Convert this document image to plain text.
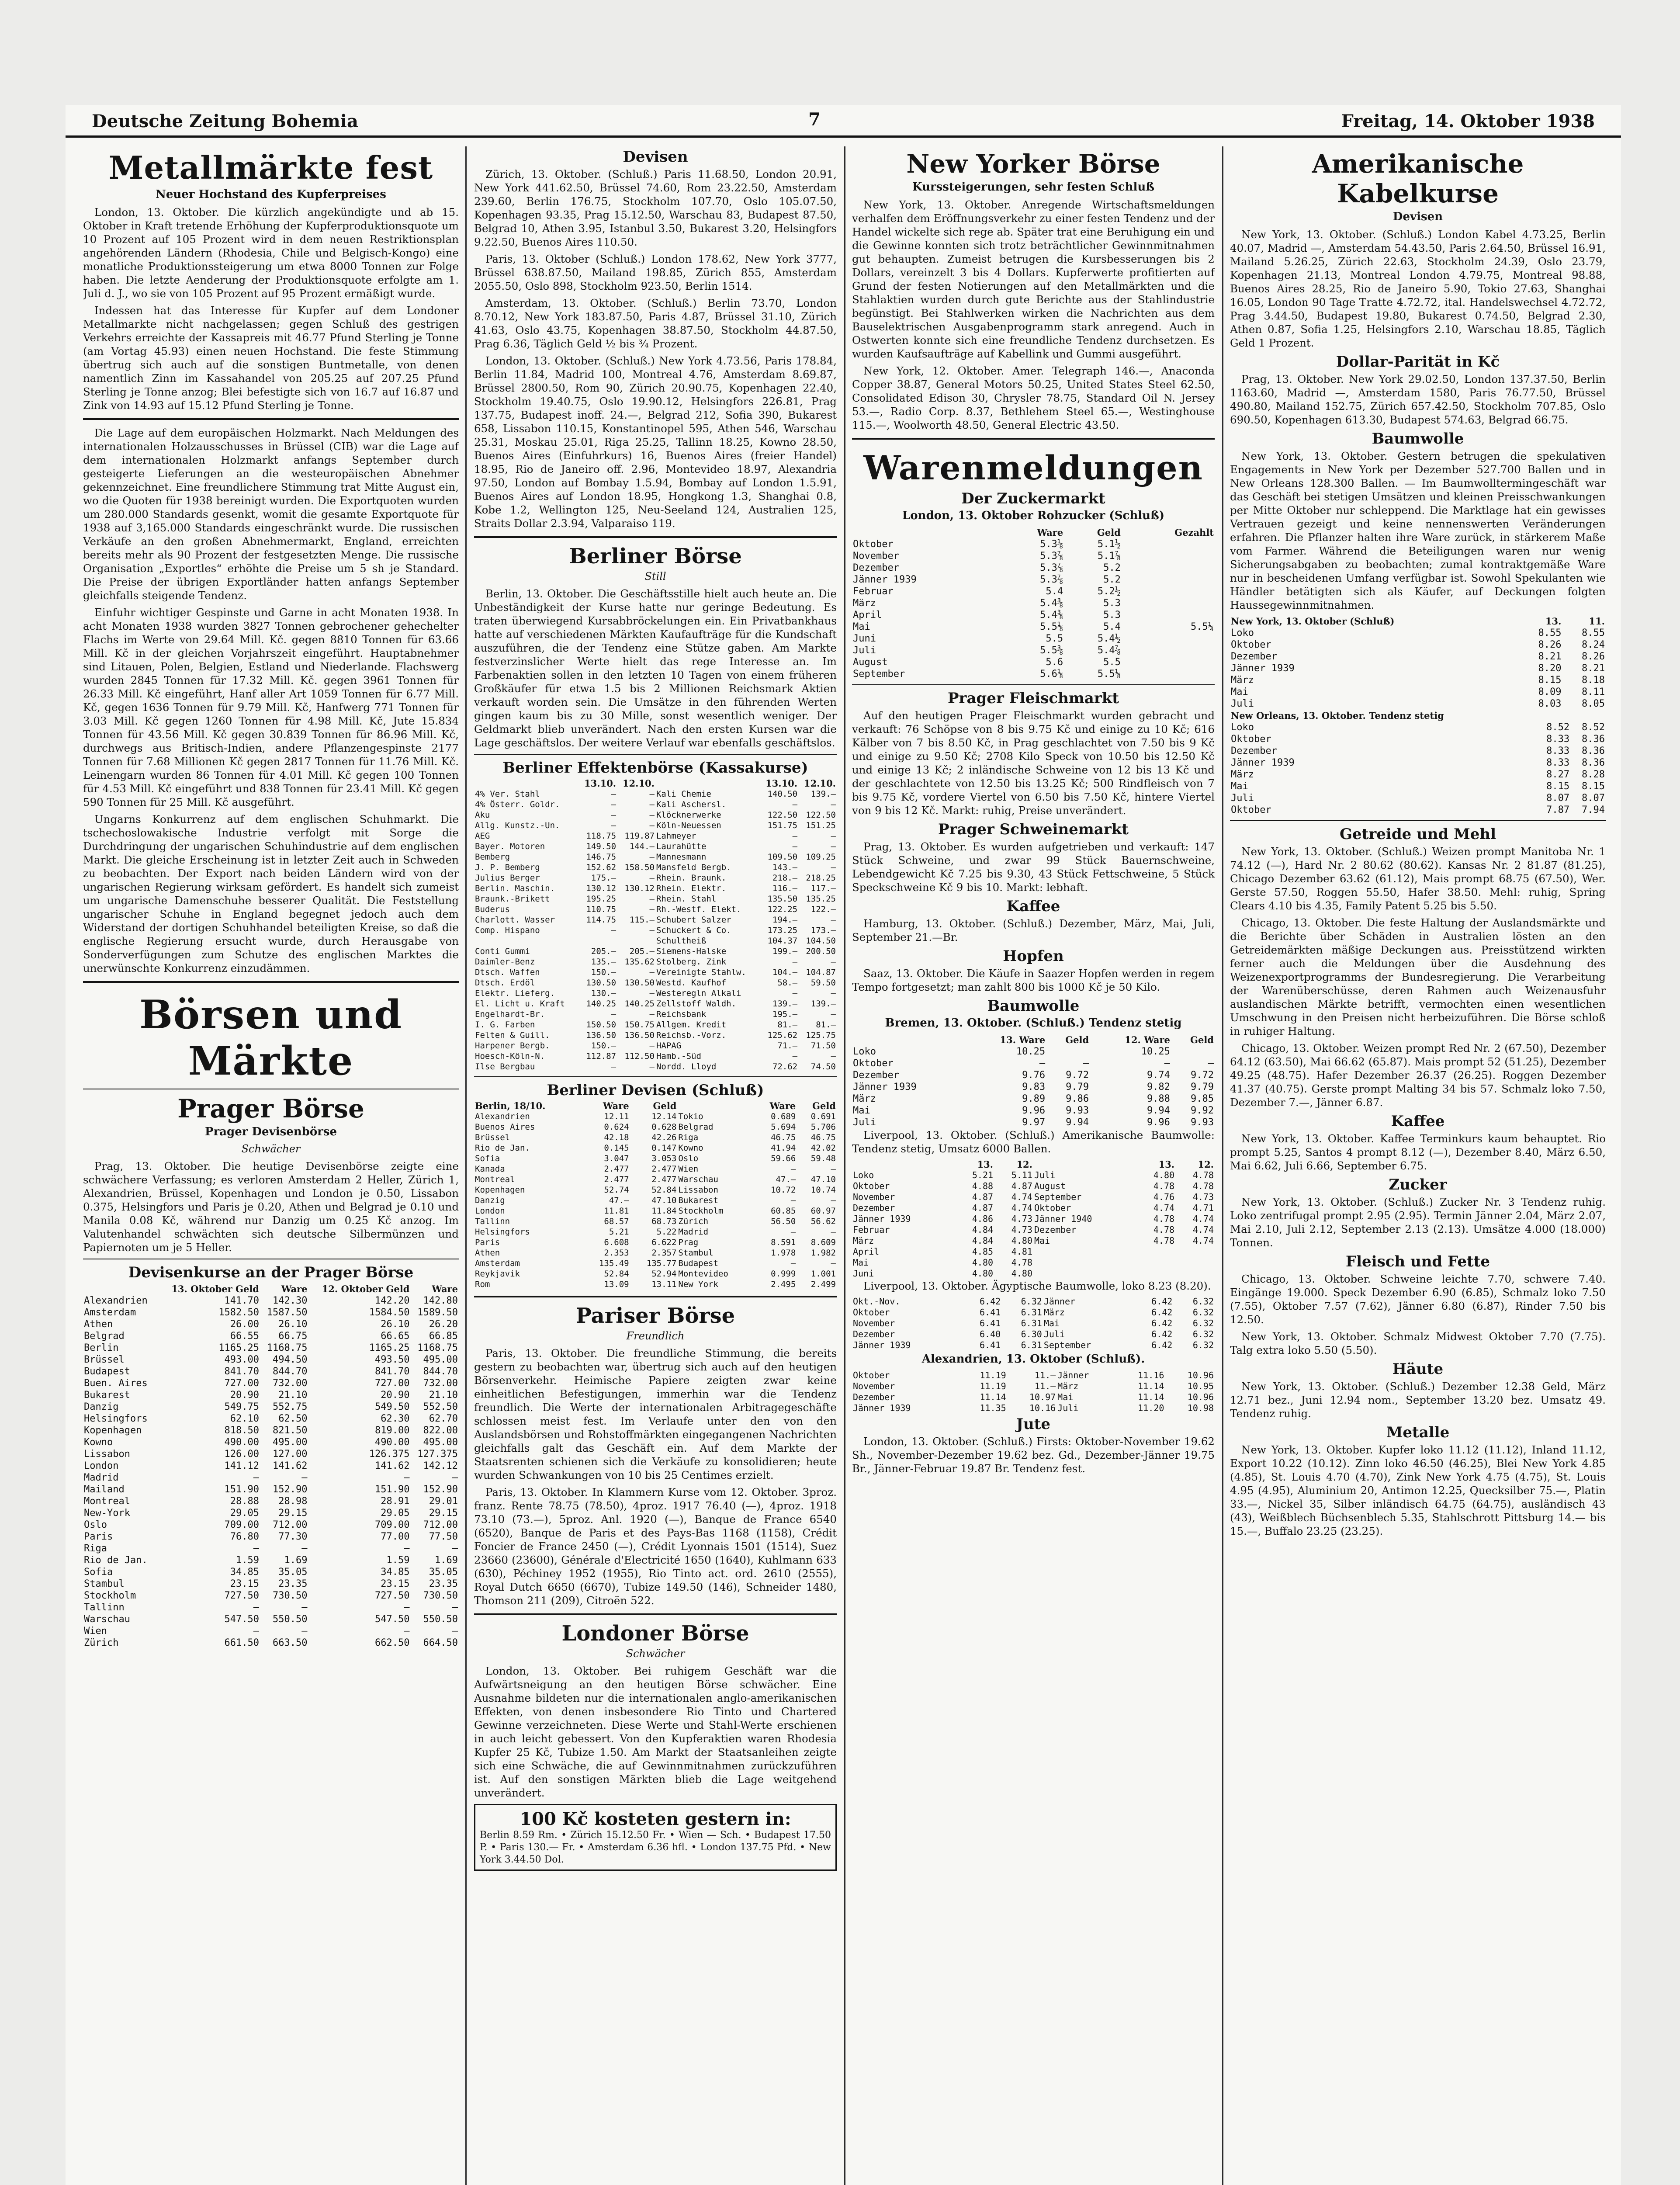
Deutsche Zeitung Bohemia	7	Freitag, 14. Oktober 1938
Metallmärkte fest
Neuer Hochstand des Kupferpreises

London, 13. Oktober. Die kürzlich angekündigte und ab 15. Oktober in Kraft tretende Erhöhung der Kupferproduktionsquote um 10 Prozent auf 105 Prozent wird in dem neuen Restriktionsplan angehörenden Ländern (Rhodesia, Chile und Belgisch-Kongo) eine monatliche Produktionssteigerung um etwa 8000 Tonnen zur Folge haben. Die letzte Aenderung der Produktionsquote erfolgte am 1. Juli d. J., wo sie von 105 Prozent auf 95 Prozent ermäßigt wurde.

Indessen hat das Interesse für Kupfer auf dem Londoner Metallmarkte nicht nachgelassen; gegen Schluß des gestrigen Verkehrs erreichte der Kassapreis mit 46.77 Pfund Sterling je Tonne (am Vortag 45.93) einen neuen Hochstand. Die feste Stimmung übertrug sich auch auf die sonstigen Buntmetalle, von denen namentlich Zinn im Kassahandel von 205.25 auf 207.25 Pfund Sterling je Tonne anzog; Blei befestigte sich von 16.7 auf 16.87 und Zink von 14.93 auf 15.12 Pfund Sterling je Tonne.

Die Lage auf dem europäischen Holzmarkt. Nach Meldungen des internationalen Holzausschusses in Brüssel (CIB) war die Lage auf dem internationalen Holzmarkt anfangs September durch gesteigerte Lieferungen an die westeuropäischen Abnehmer gekennzeichnet. Eine freundlichere Stimmung trat Mitte August ein, wo die Quoten für 1938 bereinigt wurden. Die Exportquoten wurden um 280.000 Standards gesenkt, womit die gesamte Exportquote für 1938 auf 3,165.000 Standards eingeschränkt wurde. Die russischen Verkäufe an den großen Abnehmermarkt, England, erreichten bereits mehr als 90 Prozent der festgesetzten Menge. Die russische Organisation „Exportles“ erhöhte die Preise um 5 sh je Standard. Die Preise der übrigen Exportländer hatten anfangs September gleichfalls steigende Tendenz.

Einfuhr wichtiger Gespinste und Garne in acht Monaten 1938. In acht Monaten 1938 wurden 3827 Tonnen gebrochener gehechelter Flachs im Werte von 29.64 Mill. Kč. gegen 8810 Tonnen für 63.66 Mill. Kč in der gleichen Vorjahrszeit eingeführt. Hauptabnehmer sind Litauen, Polen, Belgien, Estland und Niederlande. Flachswerg wurden 2845 Tonnen für 17.32 Mill. Kč. gegen 3961 Tonnen für 26.33 Mill. Kč eingeführt, Hanf aller Art 1059 Tonnen für 6.77 Mill. Kč, gegen 1636 Tonnen für 9.79 Mill. Kč, Hanfwerg 771 Tonnen für 3.03 Mill. Kč gegen 1260 Tonnen für 4.98 Mill. Kč, Jute 15.834 Tonnen für 43.56 Mill. Kč gegen 30.839 Tonnen für 86.96 Mill. Kč, durchwegs aus Britisch-Indien, andere Pflanzengespinste 2177 Tonnen für 7.68 Millionen Kč gegen 2817 Tonnen für 11.76 Mill. Kč. Leinengarn wurden 86 Tonnen für 4.01 Mill. Kč gegen 100 Tonnen für 4.53 Mill. Kč eingeführt und 838 Tonnen für 23.41 Mill. Kč gegen 590 Tonnen für 25 Mill. Kč ausgeführt.

Ungarns Konkurrenz auf dem englischen Schuhmarkt. Die tschechoslowakische Industrie verfolgt mit Sorge die Durchdringung der ungarischen Schuhindustrie auf dem englischen Markt. Die gleiche Erscheinung ist in letzter Zeit auch in Schweden zu beobachten. Der Export nach beiden Ländern wird von der ungarischen Regierung wirksam gefördert. Es handelt sich zumeist um ungarische Damenschuhe besserer Qualität. Die Feststellung ungarischer Schuhe in England begegnet jedoch auch dem Widerstand der dortigen Schuhhandel beteiligten Kreise, so daß die englische Regierung ersucht wurde, durch Herausgabe von Sonderverfügungen zum Schutze des englischen Marktes die unerwünschte Konkurrenz einzudämmen.

Börsen und Märkte
Prager Börse
Prager Devisenbörse
Schwächer

Prag, 13. Oktober. Die heutige Devisenbörse zeigte eine schwächere Verfassung; es verloren Amsterdam 2 Heller, Zürich 1, Alexandrien, Brüssel, Kopenhagen und London je 0.50, Lissabon 0.375, Helsingfors und Paris je 0.20, Athen und Belgrad je 0.10 und Manila 0.08 Kč, während nur Danzig um 0.25 Kč anzog. Im Valutenhandel schwächten sich deutsche Silbermünzen und Papiernoten um je 5 Heller.

Devisenkurse an der Prager Börse
	13. Oktober Geld	Ware	12. Oktober Geld	Ware
Alexandrien	141.70	142.30	142.20	142.80
Amsterdam	1582.50	1587.50	1584.50	1589.50
Athen	26.00	26.10	26.10	26.20
Belgrad	66.55	66.75	66.65	66.85
Berlin	1165.25	1168.75	1165.25	1168.75
Brüssel	493.00	494.50	493.50	495.00
Budapest	841.70	844.70	841.70	844.70
Buen. Aires	727.00	732.00	727.00	732.00
Bukarest	20.90	21.10	20.90	21.10
Danzig	549.75	552.75	549.50	552.50
Helsingfors	62.10	62.50	62.30	62.70
Kopenhagen	818.50	821.50	819.00	822.00
Kowno	490.00	495.00	490.00	495.00
Lissabon	126.00	127.00	126.375	127.375
London	141.12	141.62	141.62	142.12
Madrid	—	—	—	—
Mailand	151.90	152.90	151.90	152.90
Montreal	28.88	28.98	28.91	29.01
New-York	29.05	29.15	29.05	29.15
Oslo	709.00	712.00	709.00	712.00
Paris	76.80	77.30	77.00	77.50
Riga	—	—	—	—
Rio de Jan.	1.59	1.69	1.59	1.69
Sofia	34.85	35.05	34.85	35.05
Stambul	23.15	23.35	23.15	23.35
Stockholm	727.50	730.50	727.50	730.50
Tallinn	—	—	—	—
Warschau	547.50	550.50	547.50	550.50
Wien	—	—	—	—
Zürich	661.50	663.50	662.50	664.50
Devisen

Zürich, 13. Oktober. (Schluß.) Paris 11.68.50, London 20.91, New York 441.62.50, Brüssel 74.60, Rom 23.22.50, Amsterdam 239.60, Berlin 176.75, Stockholm 107.70, Oslo 105.07.50, Kopenhagen 93.35, Prag 15.12.50, Warschau 83, Budapest 87.50, Belgrad 10, Athen 3.95, Istanbul 3.50, Bukarest 3.20, Helsingfors 9.22.50, Buenos Aires 110.50.

Paris, 13. Oktober (Schluß.) London 178.62, New York 3777, Brüssel 638.87.50, Mailand 198.85, Zürich 855, Amsterdam 2055.50, Oslo 898, Stockholm 923.50, Berlin 1514.

Amsterdam, 13. Oktober. (Schluß.) Berlin 73.70, London 8.70.12, New York 183.87.50, Paris 4.87, Brüssel 31.10, Zürich 41.63, Oslo 43.75, Kopenhagen 38.87.50, Stockholm 44.87.50, Prag 6.36, Täglich Geld ½ bis ¾ Prozent.

London, 13. Oktober. (Schluß.) New York 4.73.56, Paris 178.84, Berlin 11.84, Madrid 100, Montreal 4.76, Amsterdam 8.69.87, Brüssel 2800.50, Rom 90, Zürich 20.90.75, Kopenhagen 22.40, Stockholm 19.40.75, Oslo 19.90.12, Helsingfors 226.81, Prag 137.75, Budapest inoff. 24.—, Belgrad 212, Sofia 390, Bukarest 658, Lissabon 110.15, Konstantinopel 595, Athen 546, Warschau 25.31, Moskau 25.01, Riga 25.25, Tallinn 18.25, Kowno 28.50, Buenos Aires (Einfuhrkurs) 16, Buenos Aires (freier Handel) 18.95, Rio de Janeiro off. 2.96, Montevideo 18.97, Alexandria 97.50, London auf Bombay 1.5.94, Bombay auf London 1.5.91, Buenos Aires auf London 18.95, Hongkong 1.3, Shanghai 0.8, Kobe 1.2, Wellington 125, Neu-Seeland 124, Australien 125, Straits Dollar 2.3.94, Valparaiso 119.

Berliner Börse
Still

Berlin, 13. Oktober. Die Geschäftsstille hielt auch heute an. Die Unbeständigkeit der Kurse hatte nur geringe Bedeutung. Es traten überwiegend Kursabbröckelungen ein. Ein Privatbankhaus hatte auf verschiedenen Märkten Kaufaufträge für die Kundschaft auszuführen, die der Tendenz eine Stütze gaben. Am Markte festverzinslicher Werte hielt das rege Interesse an. Im Farbenaktien sollen in den letzten 10 Tagen von einem früheren Großkäufer für etwa 1.5 bis 2 Millionen Reichsmark Aktien verkauft worden sein. Die Umsätze in den führenden Werten gingen kaum bis zu 30 Mille, sonst wesentlich weniger. Der Geldmarkt blieb unverändert. Nach den ersten Kursen war die Lage geschäftslos. Der weitere Verlauf war ebenfalls geschäftslos.

Berliner Effektenbörse (Kassakurse)
	13.10.	12.10.		13.10.	12.10.
4% Ver. Stahl	—	—	Kali Chemie	140.50	139.—
4% Österr. Goldr.	—	—	Kali Aschersl.	—	—
Aku	—	—	Klöcknerwerke	122.50	122.50
Allg. Kunstz.-Un.	—	—	Köln-Neuessen	151.75	151.25
AEG	118.75	119.87	Lahmeyer	—	—
Bayer. Motoren	149.50	144.—	Laurahütte	—	—
Bemberg	146.75	—	Mannesmann	109.50	109.25
J. P. Bemberg	152.62	158.50	Mansfeld Bergb.	143.—	—
Julius Berger	175.—	—	Rhein. Braunk.	218.—	218.25
Berlin. Maschin.	130.12	130.12	Rhein. Elektr.	116.—	117.—
Braunk.-Brikett	195.25	—	Rhein. Stahl	135.50	135.25
Buderus	110.75	—	Rh.-Westf. Elekt.	122.25	122.—
Charlott. Wasser	114.75	115.—	Schubert Salzer	194.—	—
Comp. Hispano	—	—	Schuckert & Co.	173.25	173.—
			Schultheiß	104.37	104.50
Conti Gummi	205.—	205.—	Siemens-Halske	199.—	200.50
Daimler-Benz	135.—	135.62	Stolberg. Zink	—	—
Dtsch. Waffen	150.—	—	Vereinigte Stahlw.	104.—	104.87
Dtsch. Erdöl	130.50	130.50	Westd. Kaufhof	58.—	59.50
Elektr. Lieferg.	130.—	—	Westeregln Alkali	—	—
El. Licht u. Kraft	140.25	140.25	Zellstoff Waldh.	139.—	139.—
Engelhardt-Br.	—	—	Reichsbank	195.—	—
I. G. Farben	150.50	150.75	Allgem. Kredit	81.—	81.—
Felten & Guill.	136.50	136.50	Reichsb.-Vorz.	125.62	125.75
Harpener Bergb.	150.—	—	HAPAG	71.—	71.50
Hoesch-Köln-N.	112.87	112.50	Hamb.-Süd	—	—
Ilse Bergbau	—	—	Nordd. Lloyd	72.62	74.50
Berliner Devisen (Schluß)
Berlin, 18/10.	Ware	Geld		Ware	Geld
Alexandrien	12.11	12.14	Tokio	0.689	0.691
Buenos Aires	0.624	0.628	Belgrad	5.694	5.706
Brüssel	42.18	42.26	Riga	46.75	46.75
Rio de Jan.	0.145	0.147	Kowno	41.94	42.02
Sofia	3.047	3.053	Oslo	59.66	59.48
Kanada	2.477	2.477	Wien	—	—
Montreal	2.477	2.477	Warschau	47.—	47.10
Kopenhagen	52.74	52.84	Lissabon	10.72	10.74
Danzig	47.—	47.10	Bukarest	—	—
London	11.81	11.84	Stockholm	60.85	60.97
Tallinn	68.57	68.73	Zürich	56.50	56.62
Helsingfors	5.21	5.22	Madrid	—	—
Paris	6.608	6.622	Prag	8.591	8.609
Athen	2.353	2.357	Stambul	1.978	1.982
Amsterdam	135.49	135.77	Budapest	—	—
Reykjavik	52.84	52.94	Montevideo	0.999	1.001
Rom	13.09	13.11	New York	2.495	2.499
Pariser Börse
Freundlich

Paris, 13. Oktober. Die freundliche Stimmung, die bereits gestern zu beobachten war, übertrug sich auch auf den heutigen Börsenverkehr. Heimische Papiere zeigten zwar keine einheitlichen Befestigungen, immerhin war die Tendenz freundlich. Die Werte der internationalen Arbitragegeschäfte schlossen meist fest. Im Verlaufe unter den von den Auslandsbörsen und Rohstoffmärkten eingegangenen Nachrichten gleichfalls galt das Geschäft ein. Auf dem Markte der Staatsrenten schienen sich die Verkäufe zu konsolidieren; heute wurden Schwankungen von 10 bis 25 Centimes erzielt.

Paris, 13. Oktober. In Klammern Kurse vom 12. Oktober. 3proz. franz. Rente 78.75 (78.50), 4proz. 1917 76.40 (—), 4proz. 1918 73.10 (73.—), 5proz. Anl. 1920 (—), Banque de France 6540 (6520), Banque de Paris et des Pays-Bas 1168 (1158), Crédit Foncier de France 2450 (—), Crédit Lyonnais 1501 (1514), Suez 23660 (23600), Générale d'Electricité 1650 (1640), Kuhlmann 633 (630), Péchiney 1952 (1955), Rio Tinto act. ord. 2610 (2555), Royal Dutch 6650 (6670), Tubize 149.50 (146), Schneider 1480, Thomson 211 (209), Citroën 522.

Londoner Börse
Schwächer

London, 13. Oktober. Bei ruhigem Geschäft war die Aufwärtsneigung an den heutigen Börse schwächer. Eine Ausnahme bildeten nur die internationalen anglo-amerikanischen Effekten, von denen insbesondere Rio Tinto und Chartered Gewinne verzeichneten. Diese Werte und Stahl-Werte erschienen in auch leicht gebessert. Von den Kupferaktien waren Rhodesia Kupfer 25 Kč, Tubize 1.50. Am Markt der Staatsanleihen zeigte sich eine Schwäche, die auf Gewinnmitnahmen zurückzuführen ist. Auf den sonstigen Märkten blieb die Lage weitgehend unverändert.

100 Kč kosteten gestern in:
Berlin 8.59 Rm. • Zürich 15.12.50 Fr. • Wien — Sch. • Budapest 17.50 P. • Paris 130.— Fr. • Amsterdam 6.36 hfl. • London 137.75 Pfd. • New York 3.44.50 Dol.
New Yorker Börse
Kurssteigerungen, sehr festen Schluß

New York, 13. Oktober. Anregende Wirtschaftsmeldungen verhalfen dem Eröffnungsverkehr zu einer festen Tendenz und der Handel wickelte sich rege ab. Später trat eine Beruhigung ein und die Gewinne konnten sich trotz beträchtlicher Gewinnmitnahmen gut behaupten. Zumeist betrugen die Kursbesserungen bis 2 Dollars, vereinzelt 3 bis 4 Dollars. Kupferwerte profitierten auf Grund der festen Notierungen auf den Metallmärkten und die Stahlaktien wurden durch gute Berichte aus der Stahlindustrie begünstigt. Bei Stahlwerken wirken die Nachrichten aus dem Bauselektrischen Ausgabenprogramm stark anregend. Auch in Ostwerten konnte sich eine freundliche Tendenz durchsetzen. Es wurden Kaufsaufträge auf Kabellink und Gummi ausgeführt.

New York, 12. Oktober. Amer. Telegraph 146.—, Anaconda Copper 38.87, General Motors 50.25, United States Steel 62.50, Consolidated Edison 30, Chrysler 78.75, Standard Oil N. Jersey 53.—, Radio Corp. 8.37, Bethlehem Steel 65.—, Westinghouse 115.—, Woolworth 48.50, General Electric 43.50.

Warenmeldungen
Der Zuckermarkt
London, 13. Oktober Rohzucker (Schluß)
	Ware	Geld	Gezahlt
Oktober	5.3⅛	5.1½	
November	5.3⅞	5.1⅞	
Dezember	5.3⅞	5.2	
Jänner 1939	5.3⅞	5.2	
Februar	5.4	5.2½	
März	5.4⅜	5.3	
April	5.4⅜	5.3	
Mai	5.5⅛	5.4	5.5¼
Juni	5.5	5.4½	
Juli	5.5⅜	5.4⅞	
August	5.6	5.5	
September	5.6⅛	5.5⅛	
Prager Fleischmarkt

Auf den heutigen Prager Fleischmarkt wurden gebracht und verkauft: 76 Schöpse von 8 bis 9.75 Kč und einige zu 10 Kč; 616 Kälber von 7 bis 8.50 Kč, in Prag geschlachtet von 7.50 bis 9 Kč und einige zu 9.50 Kč; 2708 Kilo Speck von 10.50 bis 12.50 Kč und einige 13 Kč; 2 inländische Schweine von 12 bis 13 Kč und der geschlachtete von 12.50 bis 13.25 Kč; 500 Rindfleisch von 7 bis 9.75 Kč, vordere Viertel von 6.50 bis 7.50 Kč, hintere Viertel von 9 bis 12 Kč. Markt: ruhig, Preise unverändert.

Prager Schweinemarkt

Prag, 13. Oktober. Es wurden aufgetrieben und verkauft: 147 Stück Schweine, und zwar 99 Stück Bauernschweine, Lebendgewicht Kč 7.25 bis 9.30, 43 Stück Fettschweine, 5 Stück Speckschweine Kč 9 bis 10. Markt: lebhaft.

Kaffee

Hamburg, 13. Oktober. (Schluß.) Dezember, März, Mai, Juli, September 21.—Br.

Hopfen

Saaz, 13. Oktober. Die Käufe in Saazer Hopfen werden in regem Tempo fortgesetzt; man zahlt 800 bis 1000 Kč je 50 Kilo.

Baumwolle
Bremen, 13. Oktober. (Schluß.) Tendenz stetig
	13. Ware	Geld	12. Ware	Geld
Loko	10.25		10.25	
Oktober	—	—	—	—
Dezember	9.76	9.72	9.74	9.72
Jänner 1939	9.83	9.79	9.82	9.79
März	9.89	9.86	9.88	9.85
Mai	9.96	9.93	9.94	9.92
Juli	9.97	9.94	9.96	9.93

Liverpool, 13. Oktober. (Schluß.) Amerikanische Baumwolle: Tendenz stetig, Umsatz 6000 Ballen.

	13.	12.		13.	12.
Loko	5.21	5.11	Juli	4.80	4.78
Oktober	4.88	4.87	August	4.78	4.78
November	4.87	4.74	September	4.76	4.73
Dezember	4.87	4.74	Oktober	4.74	4.71
Jänner 1939	4.86	4.73	Jänner 1940	4.78	4.74
Februar	4.84	4.73	Dezember	4.78	4.74
März	4.84	4.80	Mai	4.78	4.74
April	4.85	4.81			
Mai	4.80	4.78			
Juni	4.80	4.80			

Liverpool, 13. Oktober. Ägyptische Baumwolle, loko 8.23 (8.20).

Okt.-Nov.	6.42	6.32	Jänner	6.42	6.32
Oktober	6.41	6.31	März	6.42	6.32
November	6.41	6.31	Mai	6.42	6.32
Dezember	6.40	6.30	Juli	6.42	6.32
Jänner 1939	6.41	6.31	September	6.42	6.32
Alexandrien, 13. Oktober (Schluß).
Oktober	11.19	11.—	Jänner	11.16	10.96
November	11.19	11.—	März	11.14	10.95
Dezember	11.14	10.97	Mai	11.14	10.96
Jänner 1939	11.35	10.16	Juli	11.20	10.98
Jute

London, 13. Oktober. (Schluß.) Firsts: Oktober-November 19.62 Sh., November-Dezember 19.62 bez. Gd., Dezember-Jänner 19.75 Br., Jänner-Februar 19.87 Br. Tendenz fest.

Amerikanische Kabelkurse
Devisen

New York, 13. Oktober. (Schluß.) London Kabel 4.73.25, Berlin 40.07, Madrid —, Amsterdam 54.43.50, Paris 2.64.50, Brüssel 16.91, Mailand 5.26.25, Zürich 22.63, Stockholm 24.39, Oslo 23.79, Kopenhagen 21.13, Montreal London 4.79.75, Montreal 98.88, Buenos Aires 28.25, Rio de Janeiro 5.90, Tokio 27.63, Shanghai 16.05, London 90 Tage Tratte 4.72.72, ital. Handelswechsel 4.72.72, Prag 3.44.50, Budapest 19.80, Bukarest 0.74.50, Belgrad 2.30, Athen 0.87, Sofia 1.25, Helsingfors 2.10, Warschau 18.85, Täglich Geld 1 Prozent.

Dollar-Parität in Kč

Prag, 13. Oktober. New York 29.02.50, London 137.37.50, Berlin 1163.60, Madrid —, Amsterdam 1580, Paris 76.77.50, Brüssel 490.80, Mailand 152.75, Zürich 657.42.50, Stockholm 707.85, Oslo 690.50, Kopenhagen 613.30, Budapest 574.63, Belgrad 66.75.

Baumwolle

New York, 13. Oktober. Gestern betrugen die spekulativen Engagements in New York per Dezember 527.700 Ballen und in New Orleans 128.300 Ballen. — Im Baumwolltermingeschäft war das Geschäft bei stetigen Umsätzen und kleinen Preisschwankungen per Mitte Oktober nur schleppend. Die Marktlage hat ein gewisses Vertrauen gezeigt und keine nennenswerten Veränderungen erfahren. Die Pflanzer halten ihre Ware zurück, in stärkerem Maße vom Farmer. Während die Beteiligungen waren nur wenig Sicherungsabgaben zu beobachten; zumal kontraktgemäße Ware nur in bescheidenen Umfang verfügbar ist. Sowohl Spekulanten wie Händler betätigten sich als Käufer, auf Deckungen folgten Haussegewinnmitnahmen.

New York, 13. Oktober (Schluß)	13.	11.
Loko	8.55	8.55
Oktober	8.26	8.24
Dezember	8.21	8.26
Jänner 1939	8.20	8.21
März	8.15	8.18
Mai	8.09	8.11
Juli	8.03	8.05
New Orleans, 13. Oktober. Tendenz stetig		
Loko	8.52	8.52
Oktober	8.33	8.36
Dezember	8.33	8.36
Jänner 1939	8.33	8.36
März	8.27	8.28
Mai	8.15	8.15
Juli	8.07	8.07
Oktober	7.87	7.94
Getreide und Mehl

New York, 13. Oktober. (Schluß.) Weizen prompt Manitoba Nr. 1 74.12 (—), Hard Nr. 2 80.62 (80.62). Kansas Nr. 2 81.87 (81.25), Chicago Dezember 63.62 (61.12), Mais prompt 68.75 (67.50), Wer. Gerste 57.50, Roggen 55.50, Hafer 38.50. Mehl: ruhig, Spring Clears 4.10 bis 4.35, Family Patent 5.25 bis 5.50.

Chicago, 13. Oktober. Die feste Haltung der Auslandsmärkte und die Berichte über Schäden in Australien lösten an den Getreidemärkten mäßige Deckungen aus. Preisstützend wirkten ferner auch die Meldungen über die Ausdehnung des Weizenexportprogramms der Bundesregierung. Die Verarbeitung der Warenüberschüsse, deren Rahmen auch Weizenausfuhr auslandischen Märkte betrifft, vermochten einen wesentlichen Umschwung in den Preisen nicht herbeizuführen. Die Börse schloß in ruhiger Haltung.

Chicago, 13. Oktober. Weizen prompt Red Nr. 2 (67.50), Dezember 64.12 (63.50), Mai 66.62 (65.87). Mais prompt 52 (51.25), Dezember 49.25 (48.75). Hafer Dezember 26.37 (26.25). Roggen Dezember 41.37 (40.75). Gerste prompt Malting 34 bis 57. Schmalz loko 7.50, Dezember 7.—, Jänner 6.87.

Kaffee

New York, 13. Oktober. Kaffee Terminkurs kaum behauptet. Rio prompt 5.25, Santos 4 prompt 8.12 (—), Dezember 8.40, März 6.50, Mai 6.62, Juli 6.66, September 6.75.

Zucker

New York, 13. Oktober. (Schluß.) Zucker Nr. 3 Tendenz ruhig. Loko zentrifugal prompt 2.95 (2.95). Termin Jänner 2.04, März 2.07, Mai 2.10, Juli 2.12, September 2.13 (2.13). Umsätze 4.000 (18.000) Tonnen.

Fleisch und Fette

Chicago, 13. Oktober. Schweine leichte 7.70, schwere 7.40. Eingänge 19.000. Speck Dezember 6.90 (6.85), Schmalz loko 7.50 (7.55), Oktober 7.57 (7.62), Jänner 6.80 (6.87), Rinder 7.50 bis 12.50.

New York, 13. Oktober. Schmalz Midwest Oktober 7.70 (7.75). Talg extra loko 5.50 (5.50).

Häute

New York, 13. Oktober. (Schluß.) Dezember 12.38 Geld, März 12.71 bez., Juni 12.94 nom., September 13.20 bez. Umsatz 49. Tendenz ruhig.

Metalle

New York, 13. Oktober. Kupfer loko 11.12 (11.12), Inland 11.12, Export 10.22 (10.12). Zinn loko 46.50 (46.25), Blei New York 4.85 (4.85), St. Louis 4.70 (4.70), Zink New York 4.75 (4.75), St. Louis 4.95 (4.95), Aluminium 20, Antimon 12.25, Quecksilber 75.—, Platin 33.—, Nickel 35, Silber inländisch 64.75 (64.75), ausländisch 43 (43), Weißblech Büchsenblech 5.35, Stahlschrott Pittsburg 14.— bis 15.—, Buffalo 23.25 (23.25).
